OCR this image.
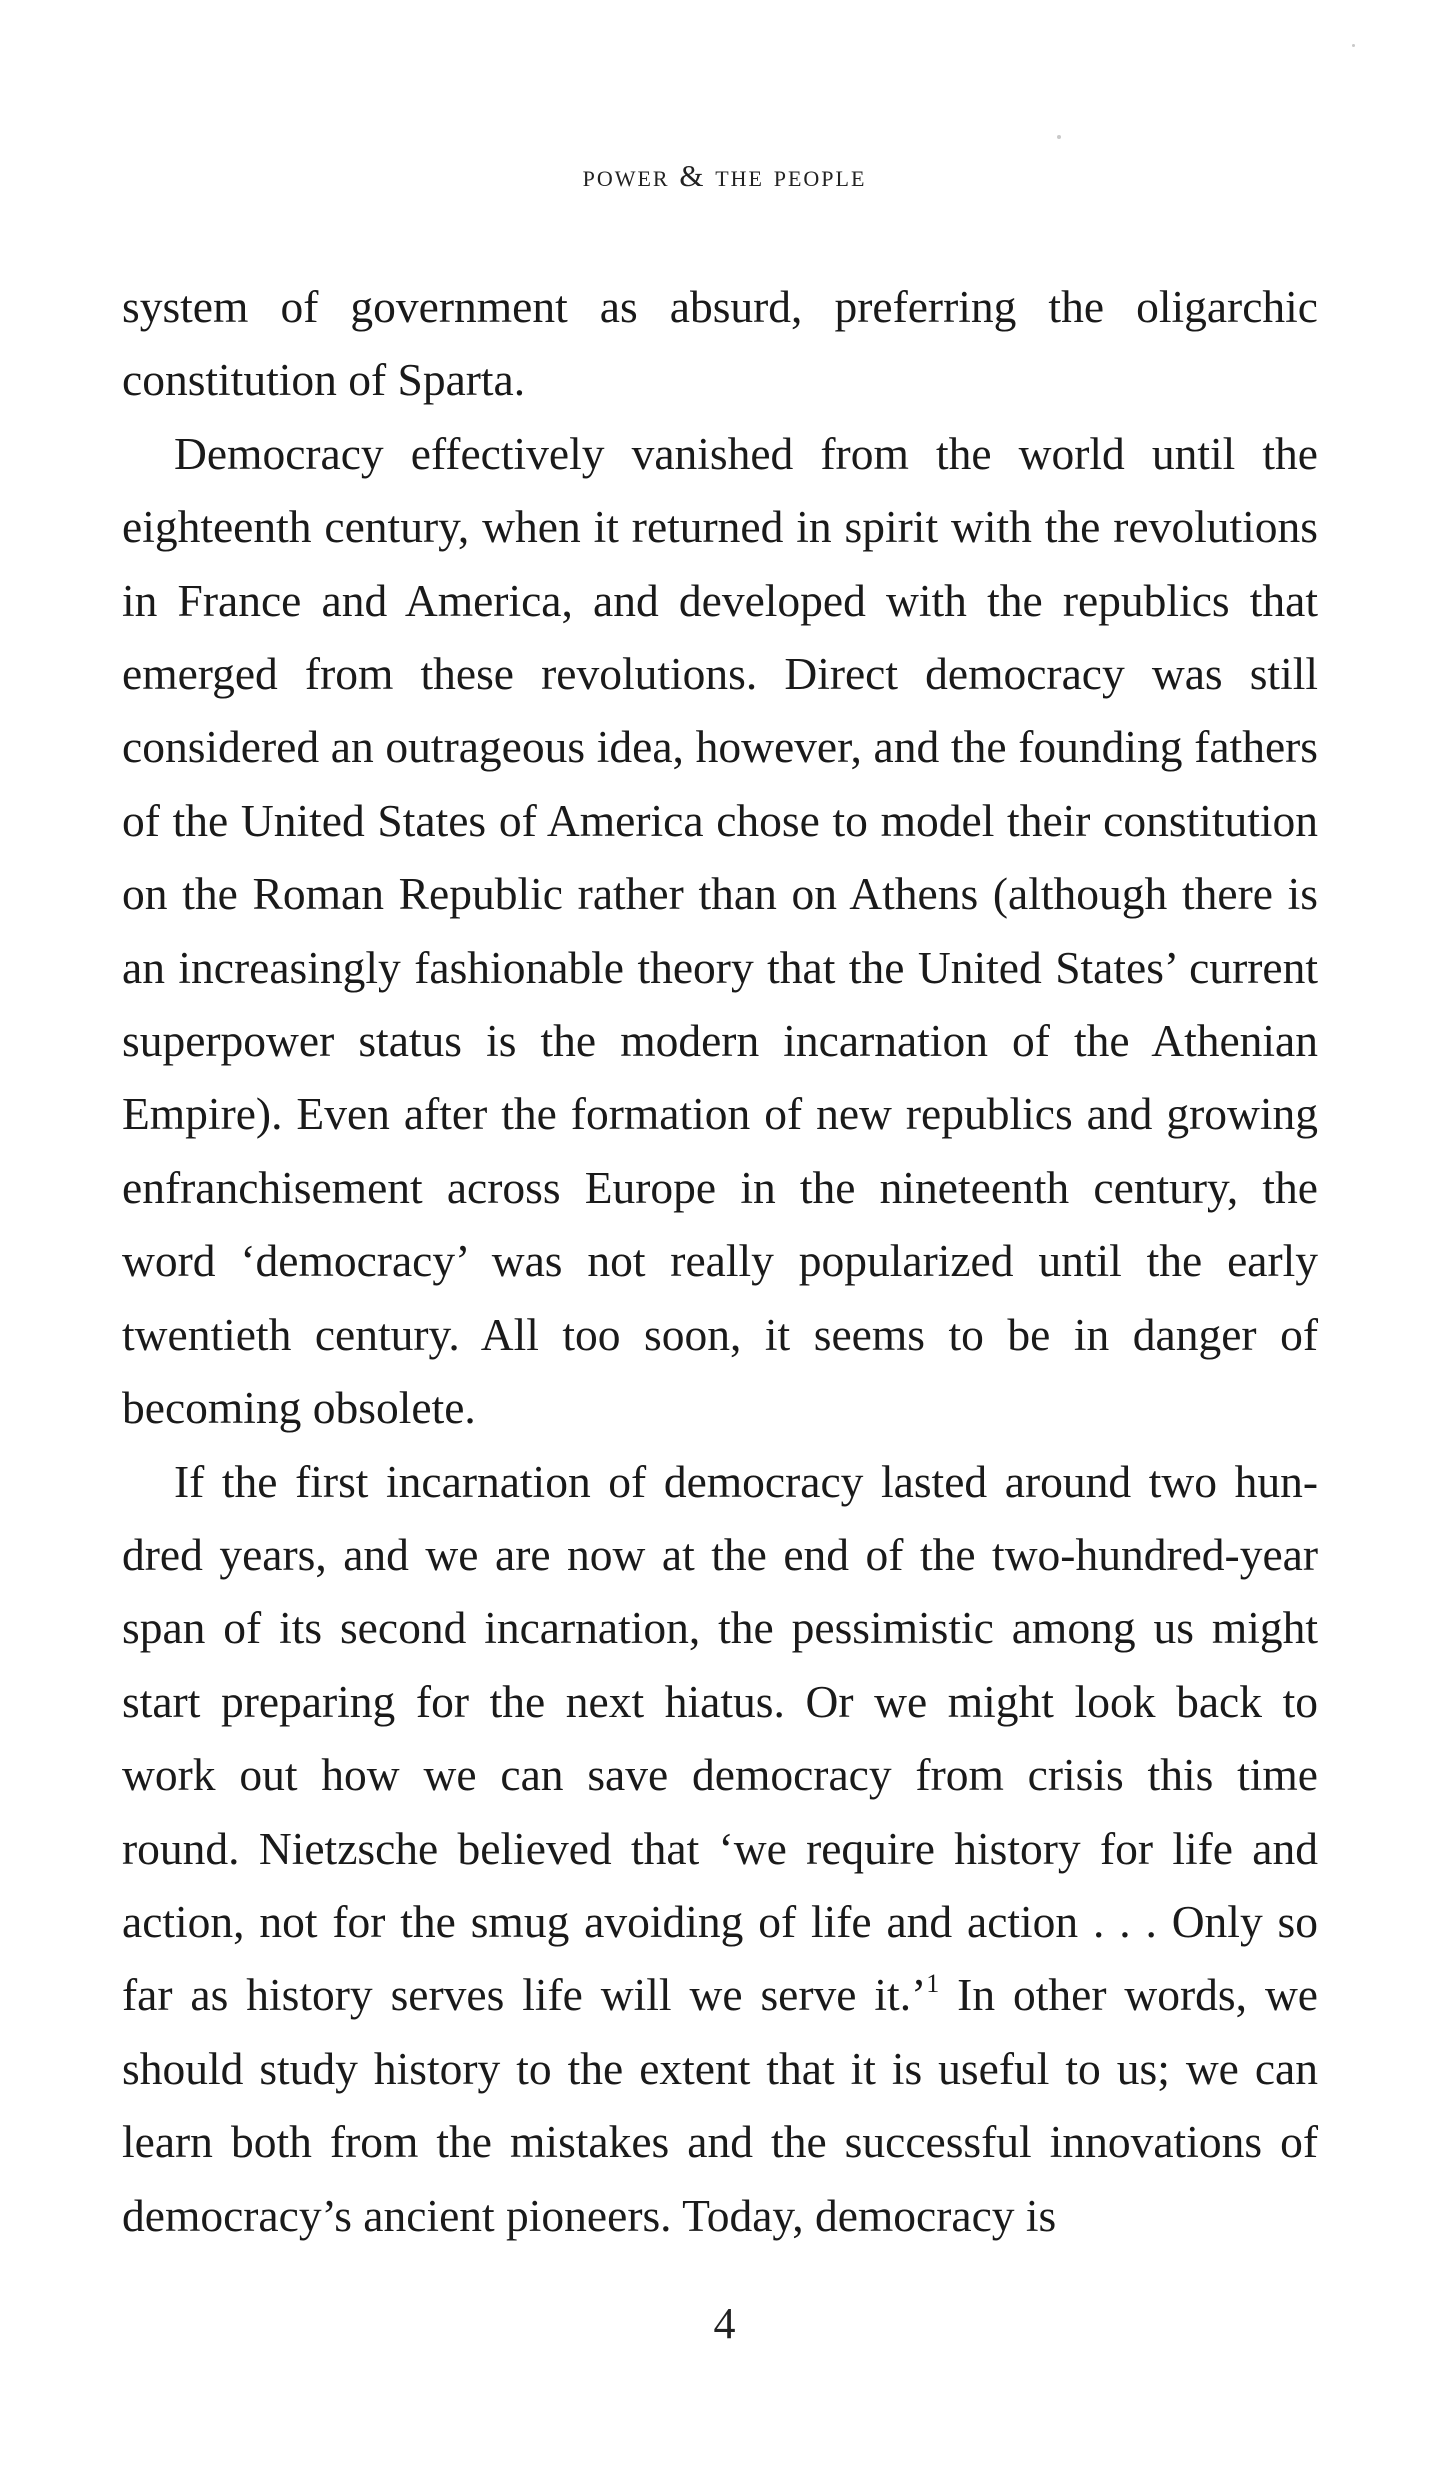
power & the people

system of government as absurd, preferring the oligarchic constitution of Sparta.

Democracy effectively vanished from the world until the eighteenth century, when it returned in spirit with the revolutions in France and America, and developed with the republics that emerged from these revolutions. Direct democracy was still considered an outrageous idea, however, and the founding fathers of the United States of America chose to model their constitution on the Roman Republic rather than on Athens (although there is an increasingly fashionable theory that the United States’ current superpower status is the modern incarnation of the Athenian Empire). Even after the formation of new republics and growing enfranchisement across Europe in the nineteenth century, the word ‘democracy’ was not really popularized until the early twentieth century. All too soon, it seems to be in danger of becoming obsolete.

If the first incarnation of democracy lasted around two hundred years, and we are now at the end of the two-hundred-year span of its second incarnation, the pessimistic among us might start preparing for the next hiatus. Or we might look back to work out how we can save democracy from crisis this time round. Nietzsche believed that ‘we require history for life and action, not for the smug avoiding of life and action . . . Only so far as history serves life will we serve it.’$^1$ In other words, we should study history to the extent that it is useful to us; we can learn both from the mistakes and the successful innovations of democracy’s ancient pioneers. Today, democracy is

4
